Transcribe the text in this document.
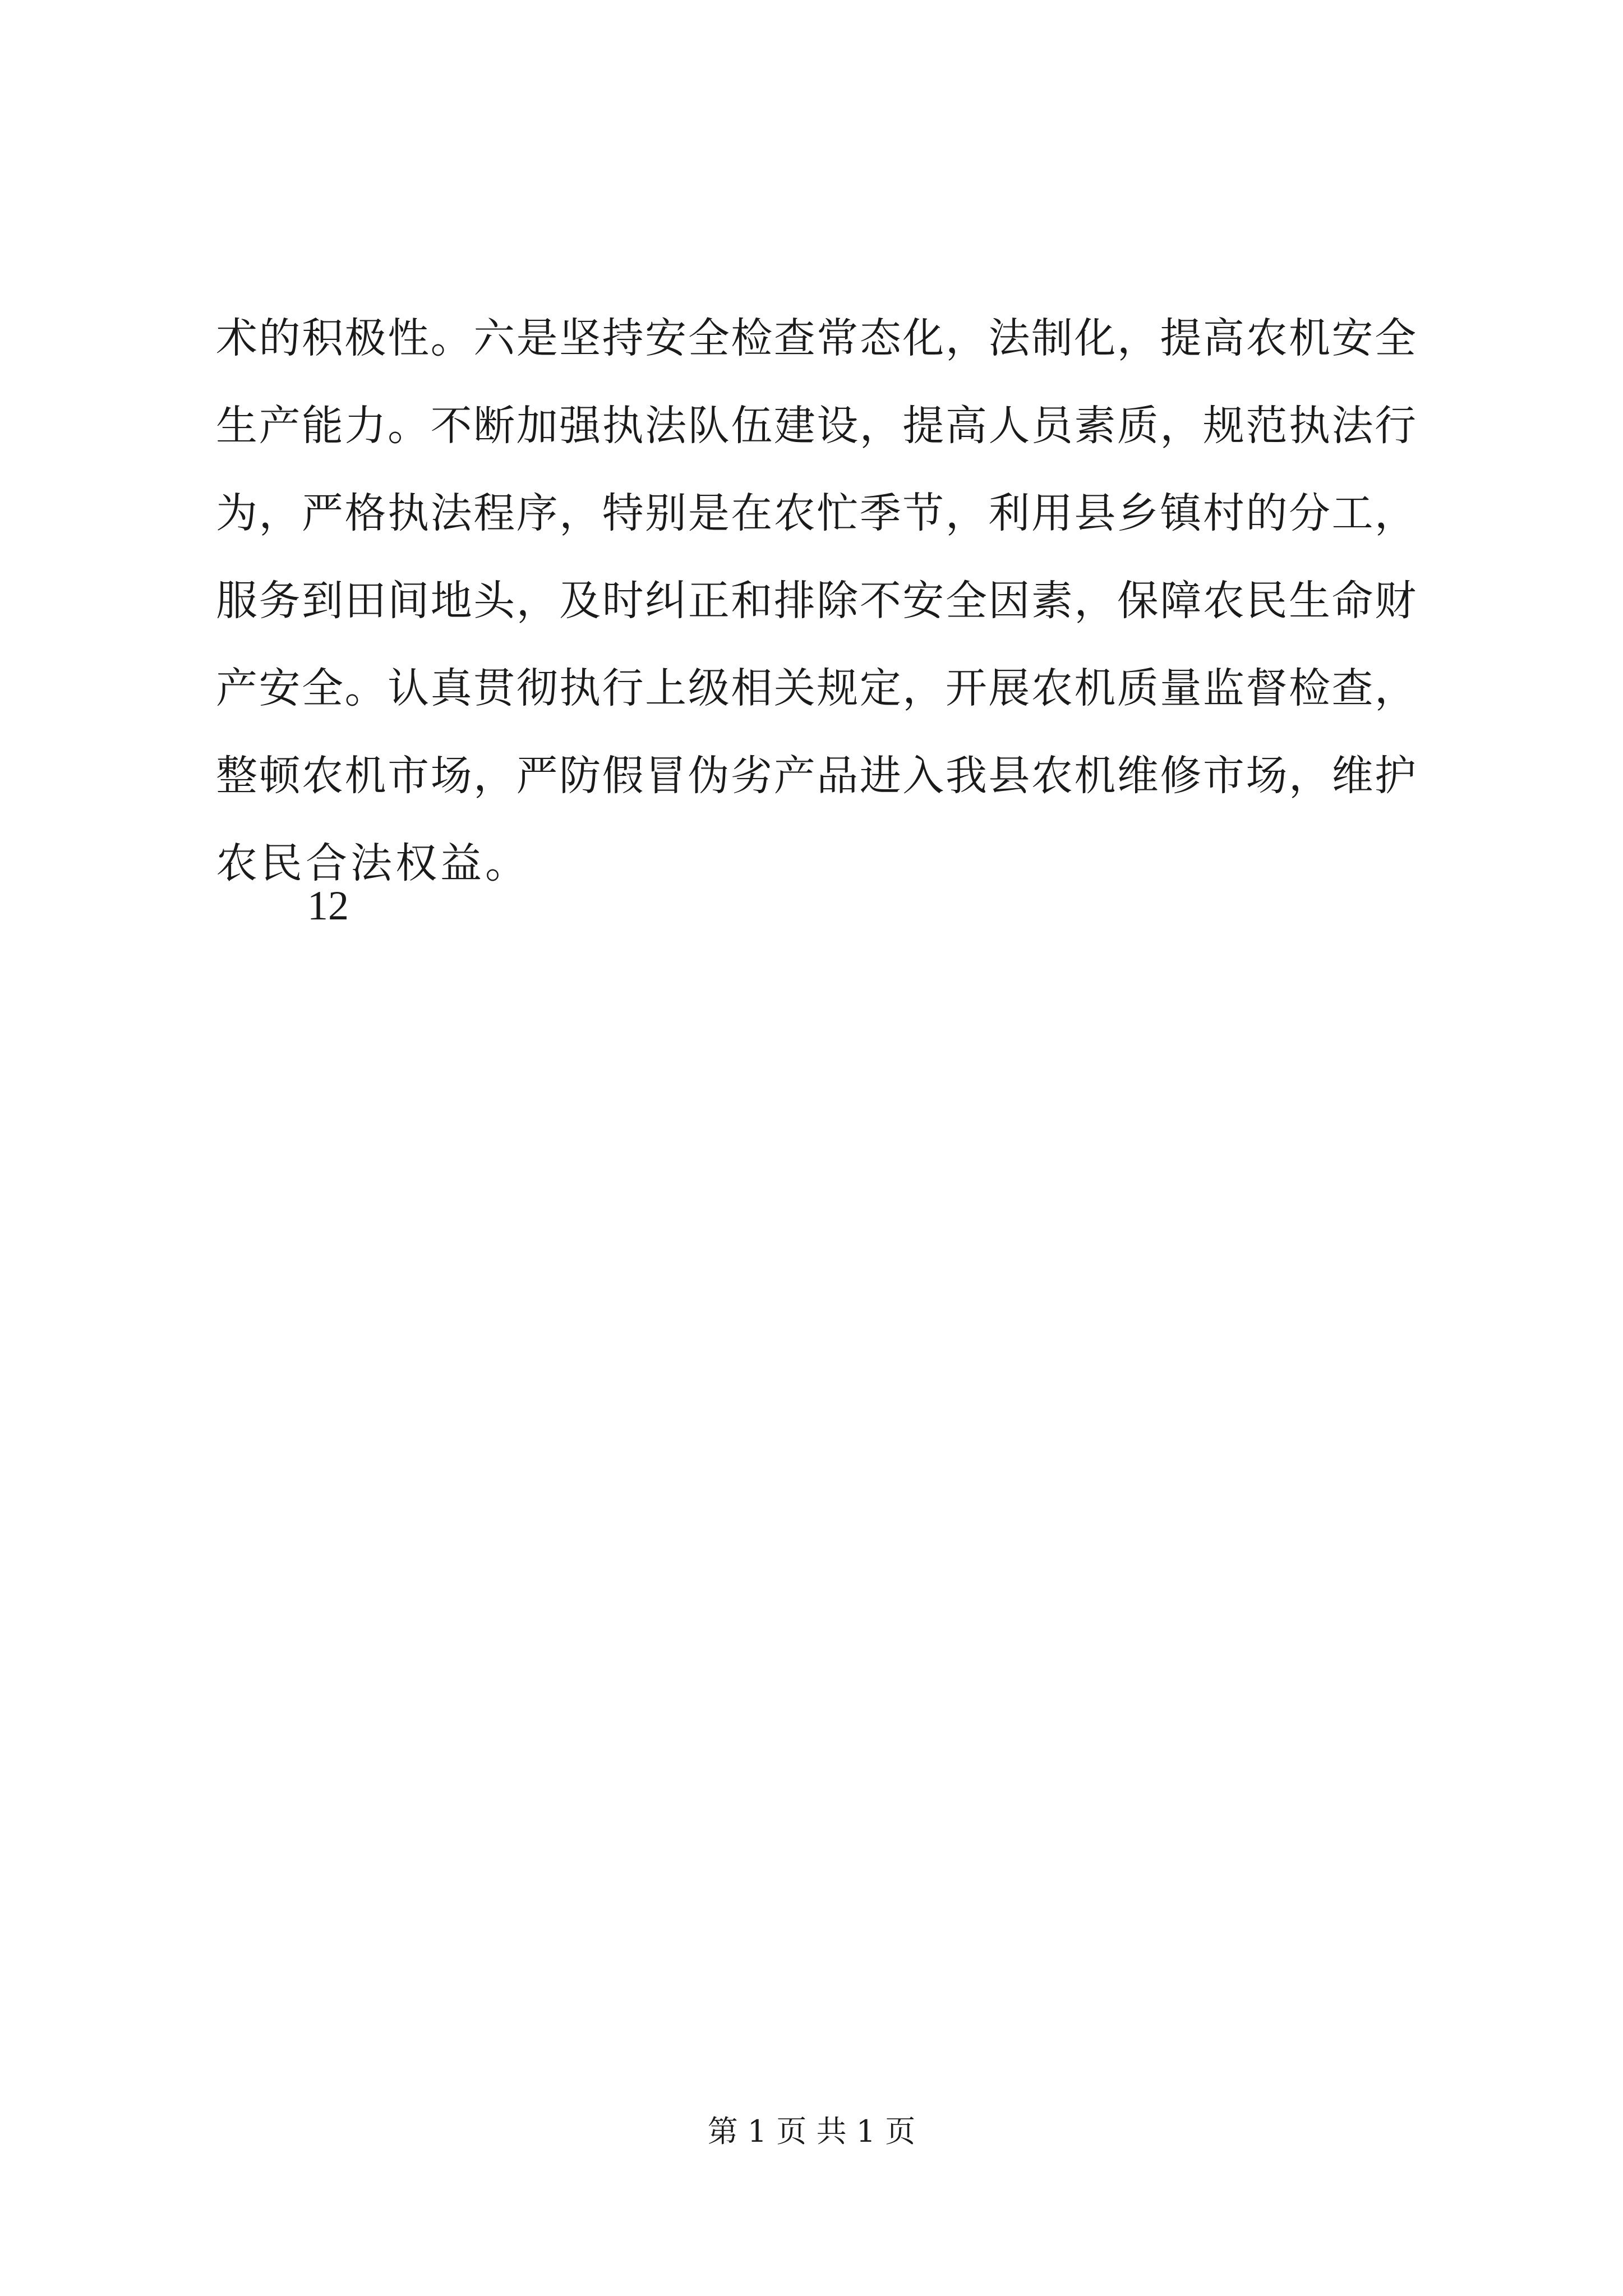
术的积极性。六是坚持安全检查常态化，法制化，提高农机安全
生产能力。不断加强执法队伍建设，提高人员素质，规范执法行
为，严格执法程序，特别是在农忙季节，利用县乡镇村的分工，
服务到田间地头，及时纠正和排除不安全因素，保障农民生命财
产安全。认真贯彻执行上级相关规定，开展农机质量监督检查，
整顿农机市场，严防假冒伪劣产品进入我县农机维修市场，维护
农民合法权益。

12

第 1 页 共 1 页
